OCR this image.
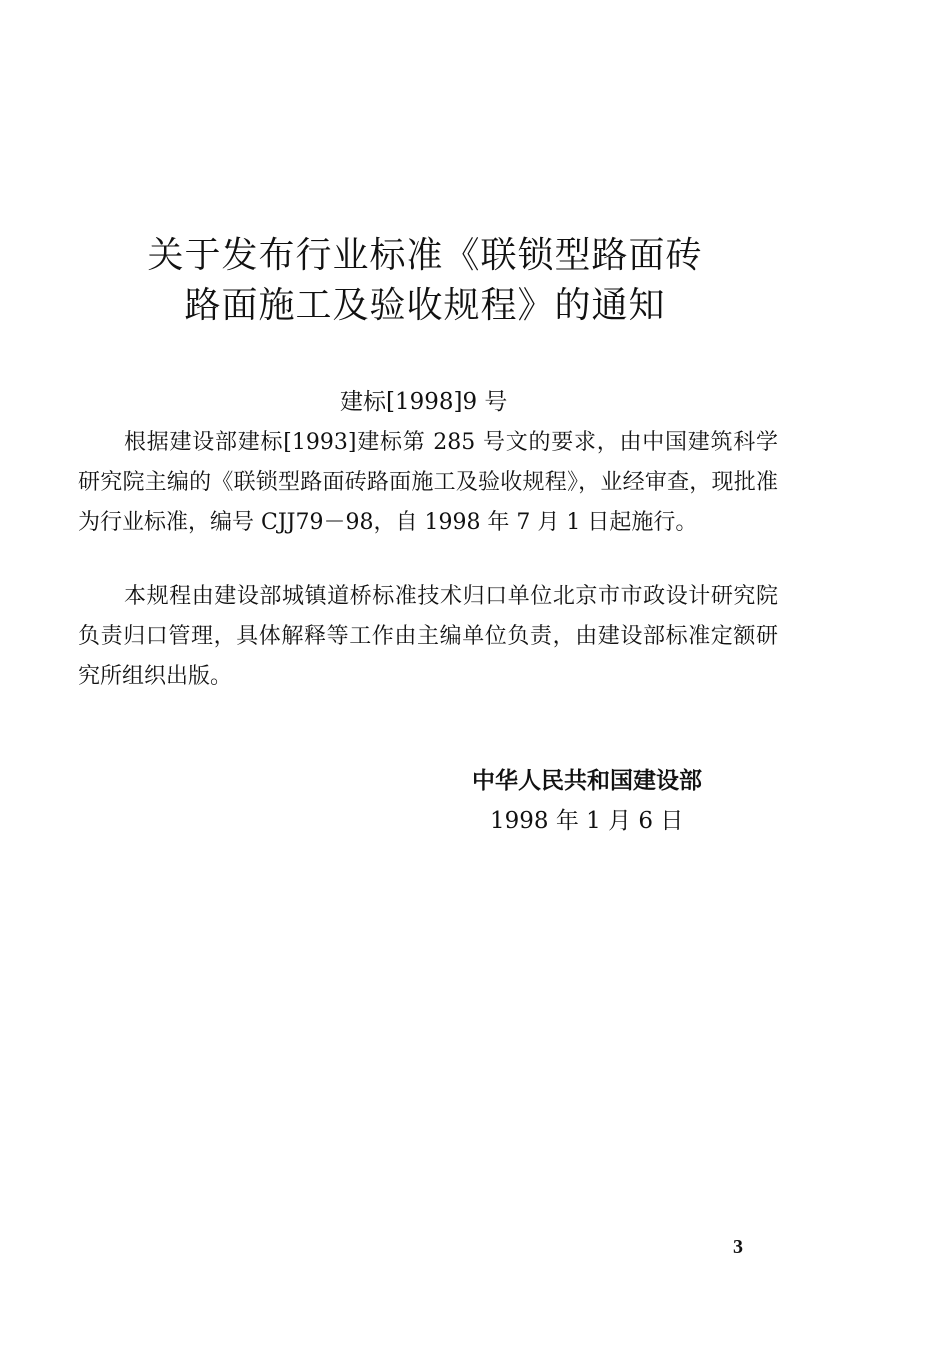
关于发布行业标准《联锁型路面砖
路面施工及验收规程》的通知
建标[1998]9 号

根据建设部建标[1993]建标第 285 号文的要求，由中国建筑科学研究院主编的《联锁型路面砖路面施工及验收规程》，业经审查，现批准为行业标准，编号 CJJ79－98，自 1998 年 7 月 1 日起施行。

本规程由建设部城镇道桥标准技术归口单位北京市市政设计研究院负责归口管理，具体解释等工作由主编单位负责，由建设部标准定额研究所组织出版。

中华人民共和国建设部
1998 年 1 月 6 日
3
